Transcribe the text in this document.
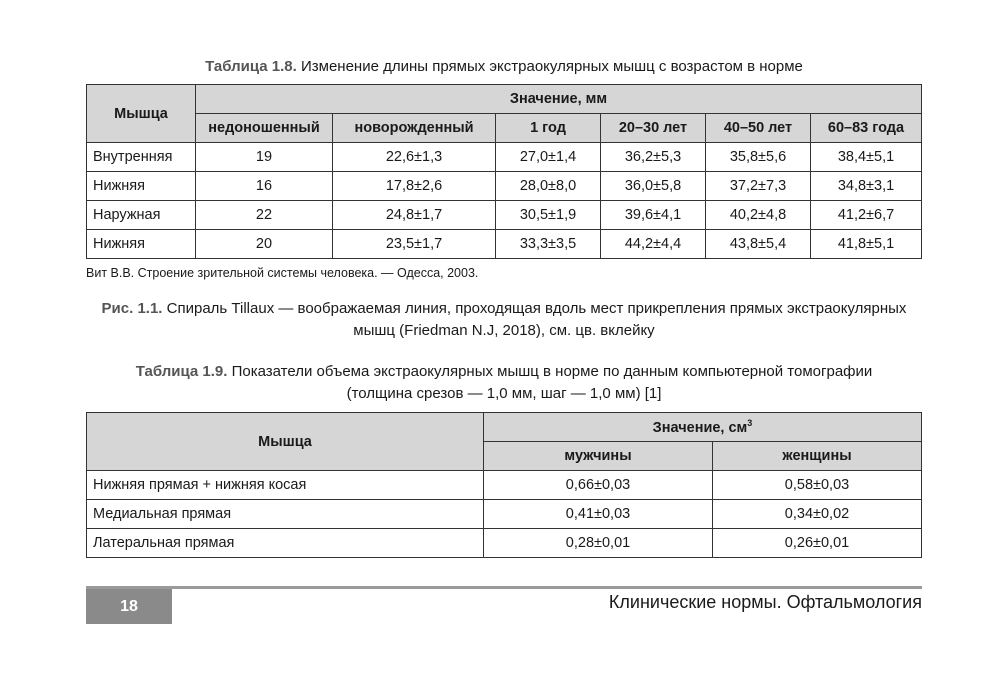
Таблица 1.8. Изменение длины прямых экстраокулярных мышц с возрастом в норме
Мышца	Значение, мм					
	недоношенный	новорожденный	1 год	20–30 лет	40–50 лет	60–83 года
Внутренняя	19	22,6±1,3	27,0±1,4	36,2±5,3	35,8±5,6	38,4±5,1
Нижняя	16	17,8±2,6	28,0±8,0	36,0±5,8	37,2±7,3	34,8±3,1
Наружная	22	24,8±1,7	30,5±1,9	39,6±4,1	40,2±4,8	41,2±6,7
Нижняя	20	23,5±1,7	33,3±3,5	44,2±4,4	43,8±5,4	41,8±5,1
Вит В.В. Строение зрительной системы человека. — Одесса, 2003.
Рис. 1.1. Спираль Tillaux — воображаемая линия, проходящая вдоль мест прикрепления прямых экстраокулярных
мышц (Friedman N.J, 2018), см. цв. вклейку
Таблица 1.9. Показатели объема экстраокулярных мышц в норме по данным компьютерной томографии
(толщина срезов — 1,0 мм, шаг — 1,0 мм) [1]
Мышца	Значение, $см^3$
	мужчины	женщины
Нижняя прямая + нижняя косая	0,66±0,03	0,58±0,03
Медиальная прямая	0,41±0,03	0,34±0,02
Латеральная прямая	0,28±0,01	0,26±0,01
18	Клинические нормы. Офтальмология
